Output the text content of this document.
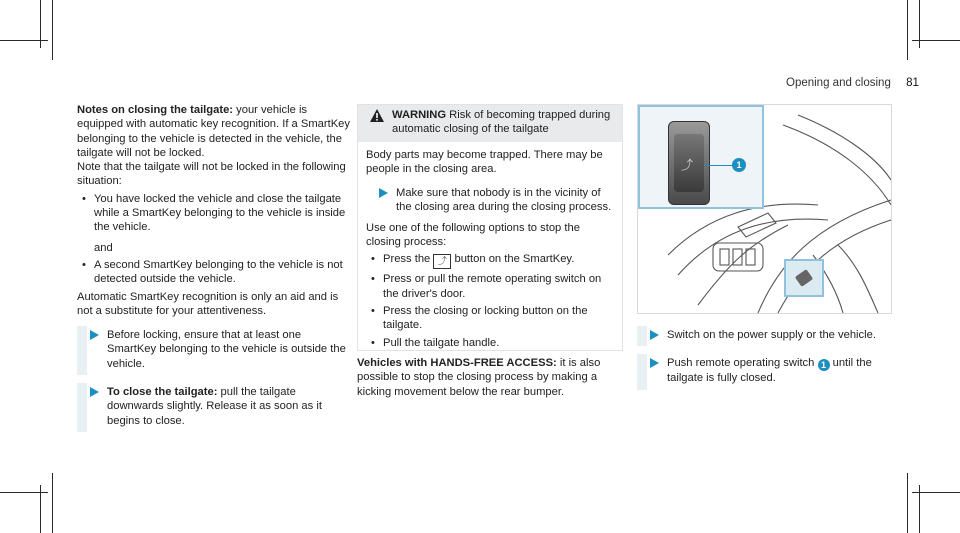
Opening and closing 81

Notes on closing the tailgate: your vehicle is equipped with automatic key recognition. If a SmartKey belonging to the vehicle is detected in the vehicle, the tailgate will not be locked.

Note that the tailgate will not be locked in the following situation:

• You have locked the vehicle and close the tailgate while a SmartKey belonging to the vehicle is inside the vehicle.

and

• A second SmartKey belonging to the vehicle is not detected outside the vehicle.

Automatic SmartKey recognition is only an aid and is not a substitute for your attentiveness.

Before locking, ensure that at least one SmartKey belonging to the vehicle is outside the vehicle.
To close the tailgate: pull the tailgate downwards slightly. Release it as soon as it begins to close.
WARNING Risk of becoming trapped during automatic closing of the tailgate

Body parts may become trapped. There may be people in the closing area.

Make sure that nobody is in the vicinity of the closing area during the closing process.

Use one of the following options to stop the closing process:

• Press the ⤴ button on the SmartKey.
• Press or pull the remote operating switch on the driver's door.
• Press the closing or locking button on the tailgate.
• Pull the tailgate handle.

Vehicles with HANDS-FREE ACCESS: it is also possible to stop the closing process by making a kicking movement below the rear bumper.

⤴	1
Switch on the power supply or the vehicle.
Push remote operating switch 1 until the tailgate is fully closed.
